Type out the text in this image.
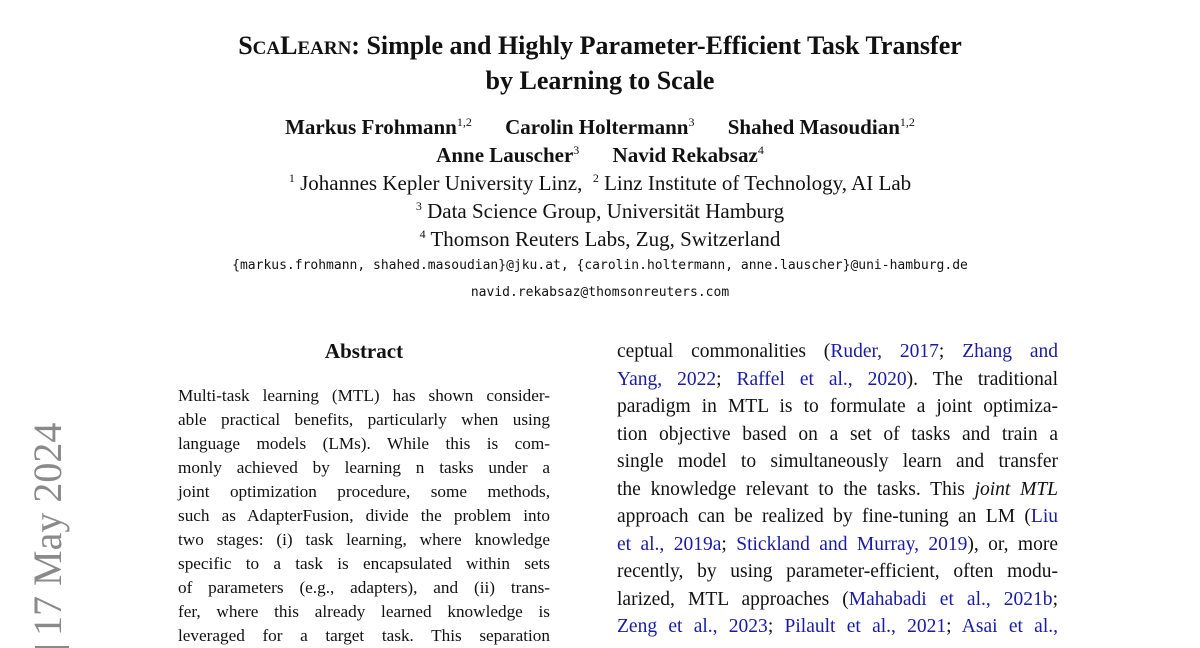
17 May 2024
SCALEARN: Simple and Highly Parameter-Efficient Task Transfer
by Learning to Scale
Markus Frohmann$^{1,2}$ Carolin Holtermann$^3$ Shahed Masoudian$^{1,2}$
Anne Lauscher$^3$ Navid Rekabsaz$^4$
$^1$ Johannes Kepler University Linz, $^2$ Linz Institute of Technology, AI Lab
$^3$ Data Science Group, Universität Hamburg
$^4$ Thomson Reuters Labs, Zug, Switzerland
{markus.frohmann, shahed.masoudian}@jku.at, {carolin.holtermann, anne.lauscher}@uni-hamburg.de
navid.rekabsaz@thomsonreuters.com
Abstract
Multi-task learning (MTL) has shown consider-
able practical benefits, particularly when using
language models (LMs). While this is com-
monly achieved by learning n tasks under a
joint optimization procedure, some methods,
such as AdapterFusion, divide the problem into
two stages: (i) task learning, where knowledge
specific to a task is encapsulated within sets
of parameters (e.g., adapters), and (ii) trans-
fer, where this already learned knowledge is
leveraged for a target task. This separation
ceptual commonalities (Ruder, 2017; Zhang and
Yang, 2022; Raffel et al., 2020). The traditional
paradigm in MTL is to formulate a joint optimiza-
tion objective based on a set of tasks and train a
single model to simultaneously learn and transfer
the knowledge relevant to the tasks. This joint MTL
approach can be realized by fine-tuning an LM (Liu
et al., 2019a; Stickland and Murray, 2019), or, more
recently, by using parameter-efficient, often modu-
larized, MTL approaches (Mahabadi et al., 2021b;
Zeng et al., 2023; Pilault et al., 2021; Asai et al.,
